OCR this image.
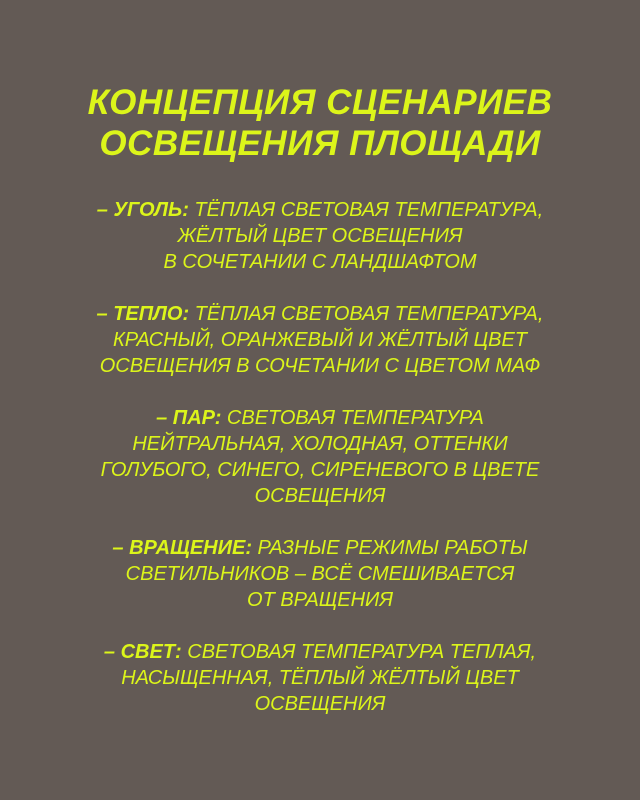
КОНЦЕПЦИЯ СЦЕНАРИЕВ
ОСВЕЩЕНИЯ ПЛОЩАДИ
– УГОЛЬ: ТЁПЛАЯ СВЕТОВАЯ ТЕМПЕРАТУРА,
ЖЁЛТЫЙ ЦВЕТ ОСВЕЩЕНИЯ
В СОЧЕТАНИИ С ЛАНДШАФТОМ
– ТЕПЛО: ТЁПЛАЯ СВЕТОВАЯ ТЕМПЕРАТУРА,
КРАСНЫЙ, ОРАНЖЕВЫЙ И ЖЁЛТЫЙ ЦВЕТ
ОСВЕЩЕНИЯ В СОЧЕТАНИИ С ЦВЕТОМ МАФ
– ПАР: СВЕТОВАЯ ТЕМПЕРАТУРА
НЕЙТРАЛЬНАЯ, ХОЛОДНАЯ, ОТТЕНКИ
ГОЛУБОГО, СИНЕГО, СИРЕНЕВОГО В ЦВЕТЕ
ОСВЕЩЕНИЯ
– ВРАЩЕНИЕ: РАЗНЫЕ РЕЖИМЫ РАБОТЫ
СВЕТИЛЬНИКОВ – ВСЁ СМЕШИВАЕТСЯ
ОТ ВРАЩЕНИЯ
– СВЕТ: СВЕТОВАЯ ТЕМПЕРАТУРА ТЕПЛАЯ,
НАСЫЩЕННАЯ, ТЁПЛЫЙ ЖЁЛТЫЙ ЦВЕТ
ОСВЕЩЕНИЯ
